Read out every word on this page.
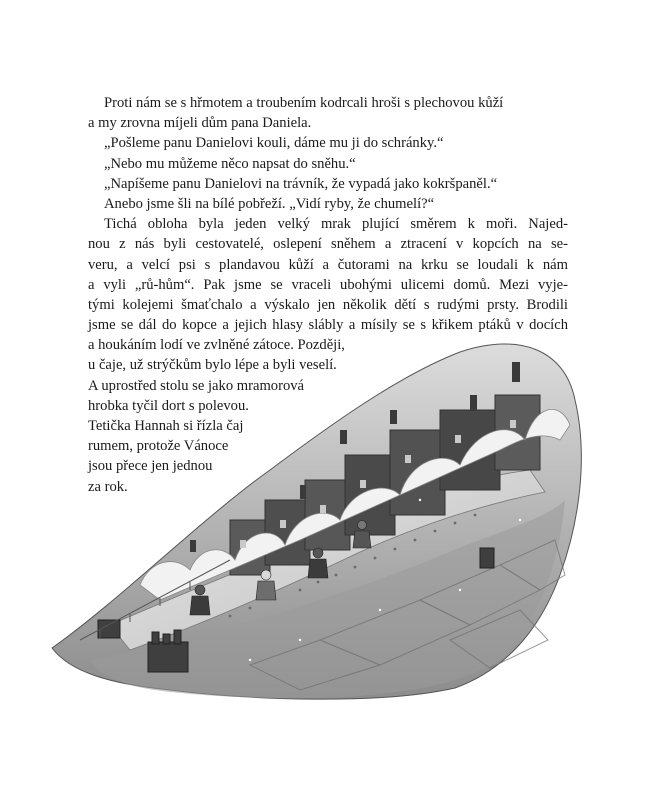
Proti nám se s hřmotem a troubením kodrcali hroši s plechovou kůží
a my zrovna míjeli dům pana Daniela.
„Pošleme panu Danielovi kouli, dáme mu ji do schránky.“
„Nebo mu můžeme něco napsat do sněhu.“
„Napíšeme panu Danielovi na trávník, že vypadá jako kokršpaněl.“
Anebo jsme šli na bílé pobřeží. „Vidí ryby, že chumelí?“
Tichá obloha byla jeden velký mrak plující směrem k moři. Najed-
nou z nás byli cestovatelé, oslepení sněhem a ztracení v kopcích na se-
veru, a velcí psi s plandavou kůží a čutorami na krku se loudali k nám
a vyli „rů-hům“. Pak jsme se vraceli ubohými ulicemi domů. Mezi vyje-
tými kolejemi šmaťchalo a výskalo jen několik dětí s rudými prsty. Brodili
jsme se dál do kopce a jejich hlasy slábly a mísily se s křikem ptáků v docích
a houkáním lodí ve zvlněné zátoce. Později,
u čaje, už strýčkům bylo lépe a byli veselí.
A uprostřed stolu se jako mramorová
hrobka tyčil dort s polevou.
Tetička Hannah si řízla čaj
rumem, protože Vánoce
jsou přece jen jednou
za rok.
